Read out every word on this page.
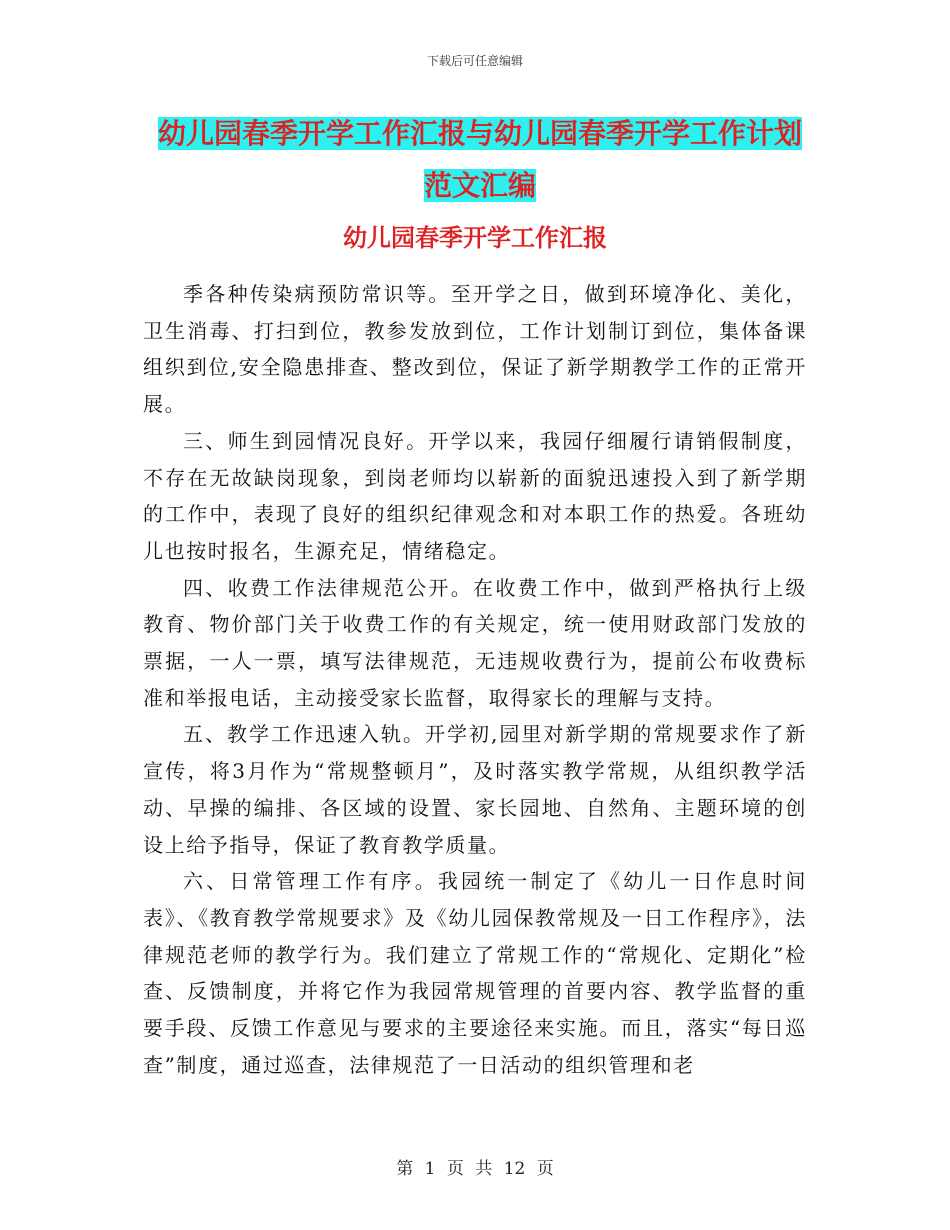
下载后可任意编辑
幼儿园春季开学工作汇报与幼儿园春季开学工作计划
范文汇编
幼儿园春季开学工作汇报

季各种传染病预防常识等。至开学之日，做到环境净化、美化，卫生消毒、打扫到位，教参发放到位，工作计划制订到位，集体备课组织到位,安全隐患排查、整改到位，保证了新学期教学工作的正常开展。

三、师生到园情况良好。开学以来，我园仔细履行请销假制度，不存在无故缺岗现象，到岗老师均以崭新的面貌迅速投入到了新学期的工作中，表现了良好的组织纪律观念和对本职工作的热爱。各班幼儿也按时报名，生源充足，情绪稳定。

四、收费工作法律规范公开。在收费工作中，做到严格执行上级教育、物价部门关于收费工作的有关规定，统一使用财政部门发放的票据，一人一票，填写法律规范，无违规收费行为，提前公布收费标准和举报电话，主动接受家长监督，取得家长的理解与支持。

五、教学工作迅速入轨。开学初,园里对新学期的常规要求作了新宣传，将3月作为“常规整顿月”，及时落实教学常规，从组织教学活动、早操的编排、各区域的设置、家长园地、自然角、主题环境的创设上给予指导，保证了教育教学质量。

六、日常管理工作有序。我园统一制定了《幼儿一日作息时间表》、《教育教学常规要求》及《幼儿园保教常规及一日工作程序》，法律规范老师的教学行为。我们建立了常规工作的“常规化、定期化”检查、反馈制度，并将它作为我园常规管理的首要内容、教学监督的重要手段、反馈工作意见与要求的主要途径来实施。而且，落实“每日巡查”制度，通过巡查，法律规范了一日活动的组织管理和老

第 1 页 共 12 页
